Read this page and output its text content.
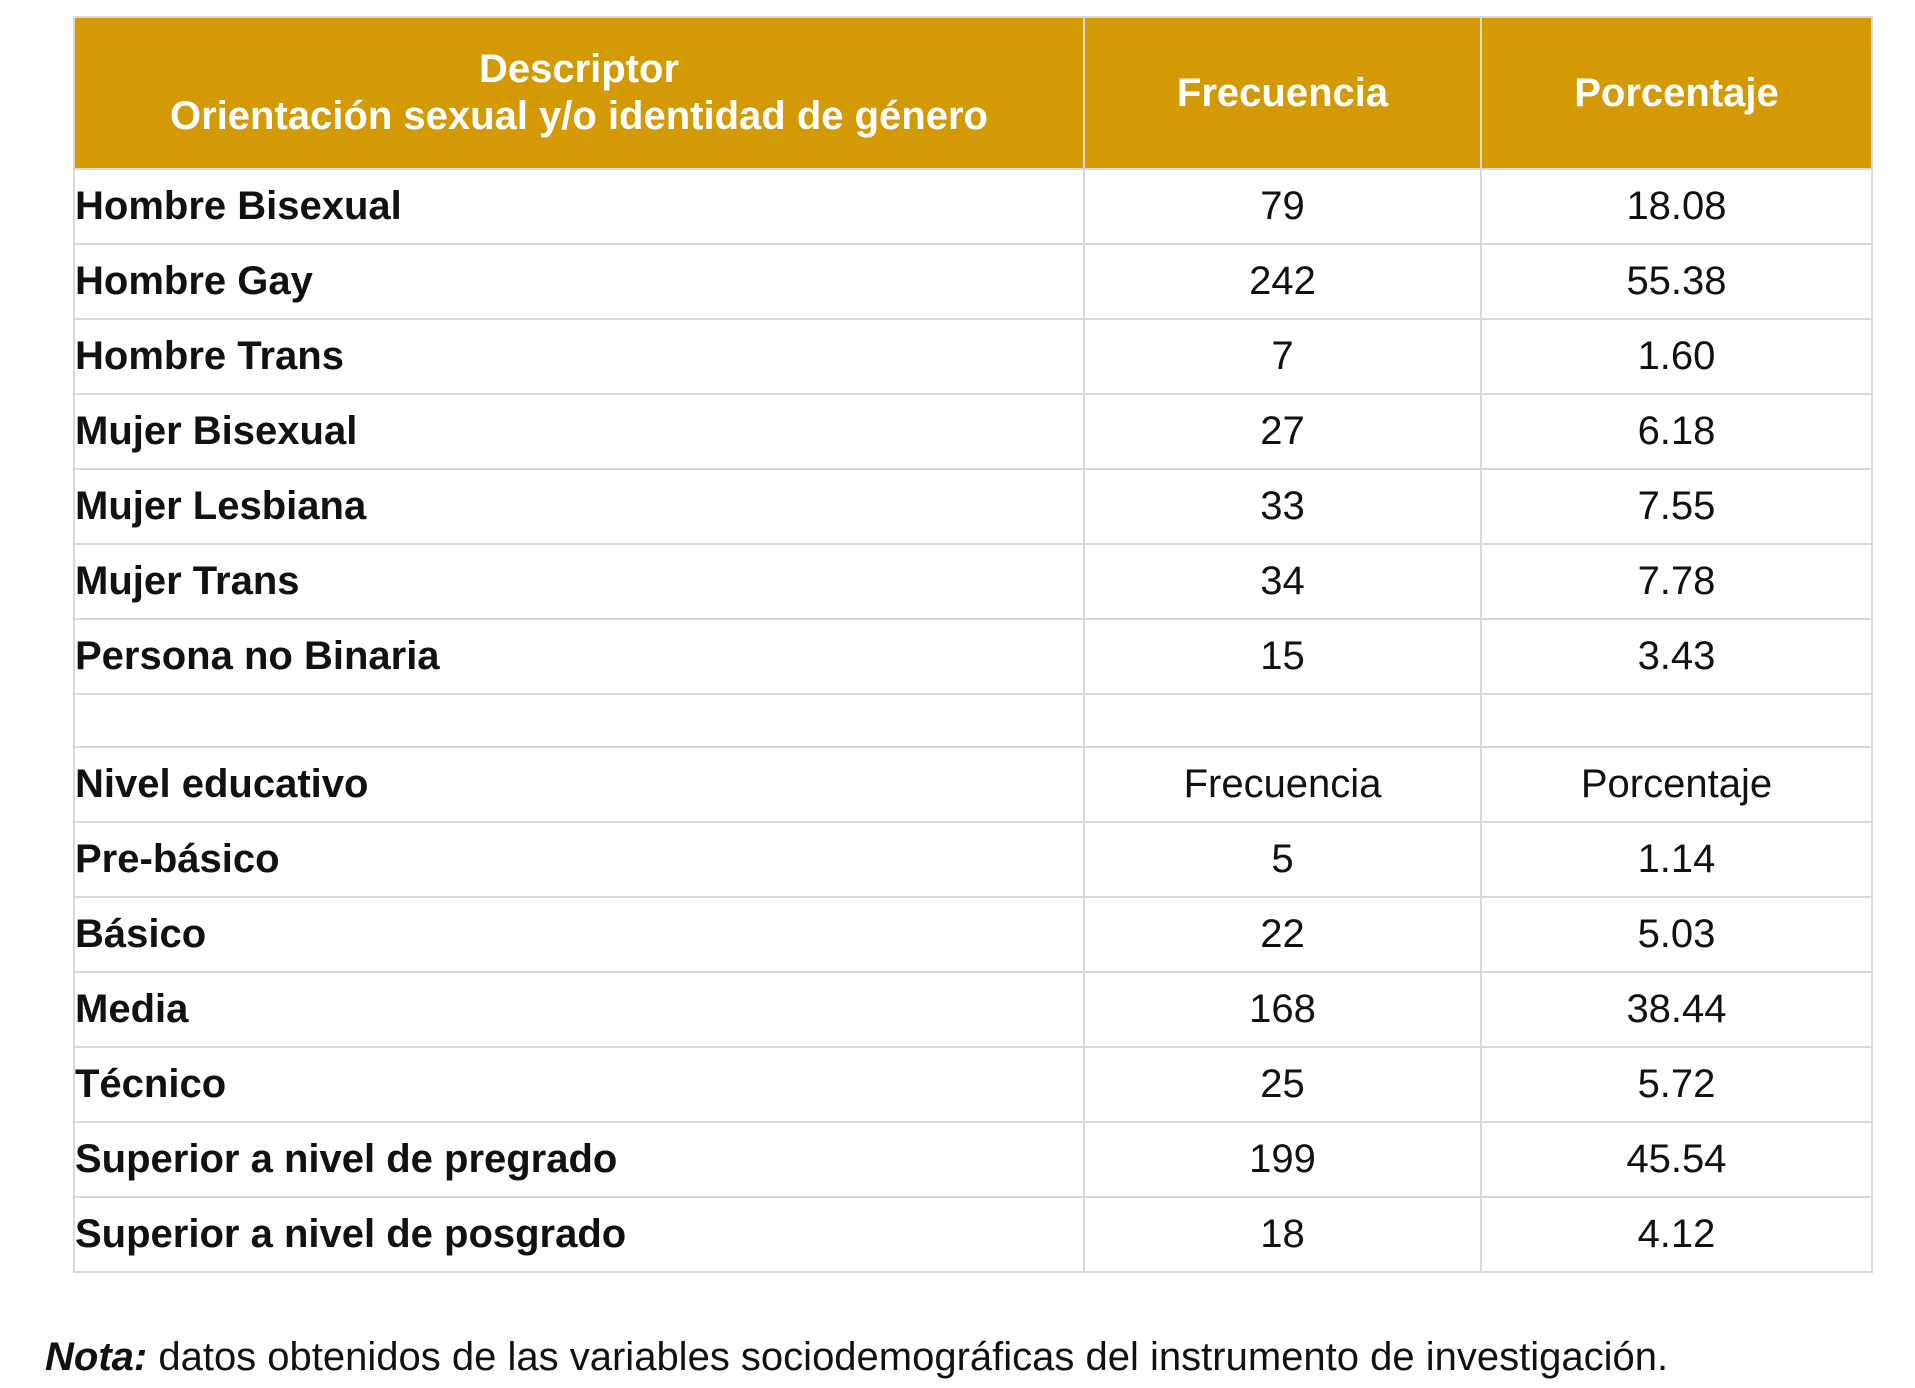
Descriptor
Orientación sexual y/o identidad de género	Frecuencia	Porcentaje
Hombre Bisexual	79	18.08
Hombre Gay	242	55.38
Hombre Trans	7	1.60
Mujer Bisexual	27	6.18
Mujer Lesbiana	33	7.55
Mujer Trans	34	7.78
Persona no Binaria	15	3.43

Nivel educativo	Frecuencia	Porcentaje
Pre-básico	5	1.14
Básico	22	5.03
Media	168	38.44
Técnico	25	5.72
Superior a nivel de pregrado	199	45.54
Superior a nivel de posgrado	18	4.12
Nota: datos obtenidos de las variables sociodemográficas del instrumento de investigación.
